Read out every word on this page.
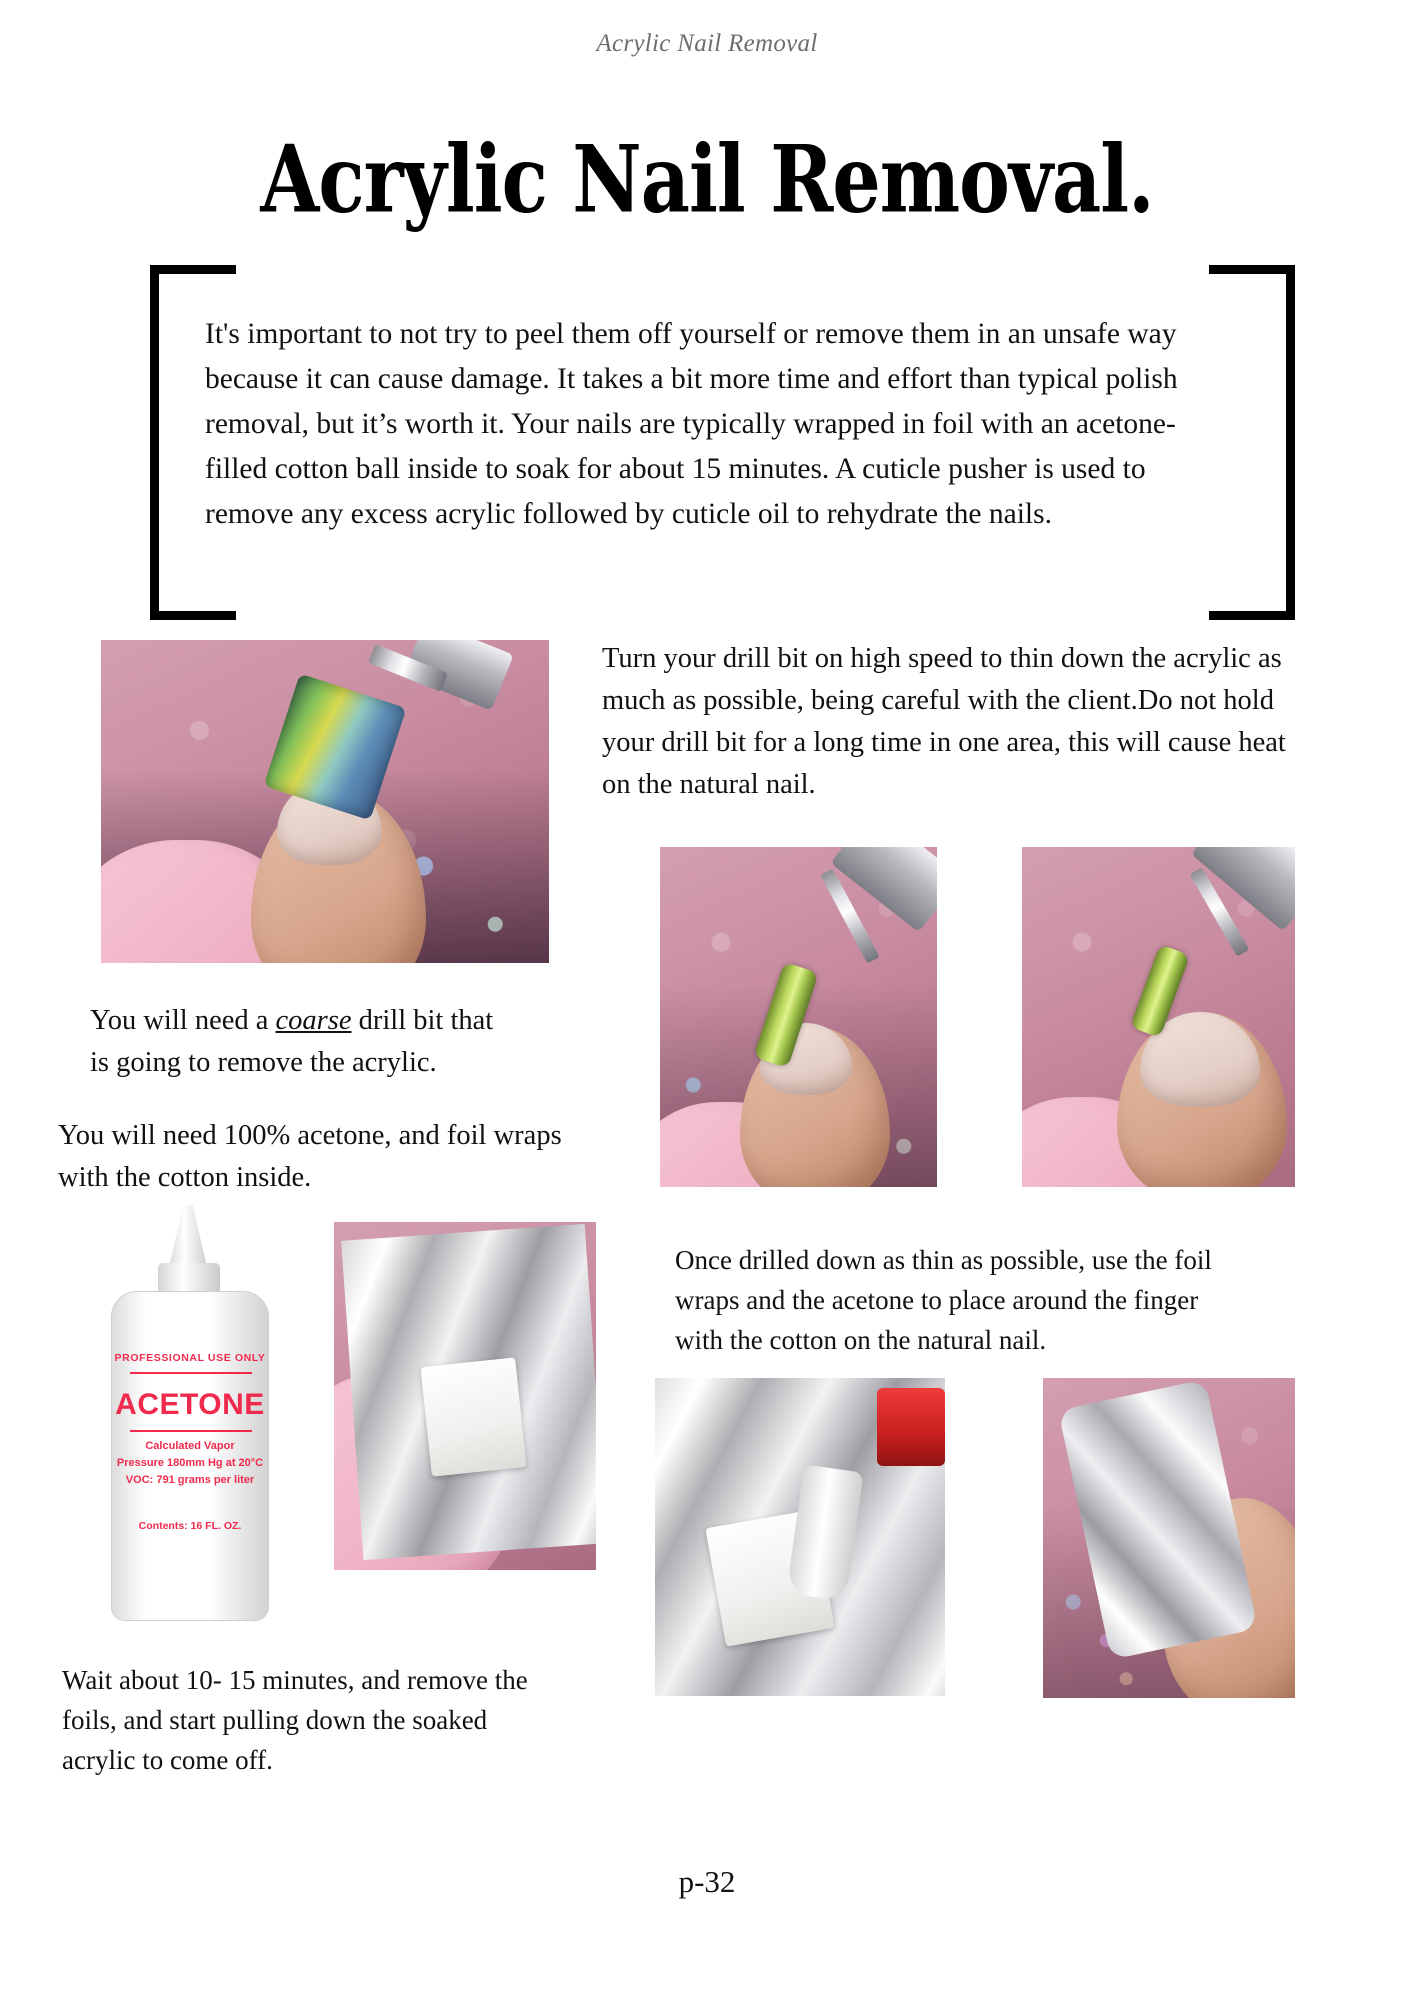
Acrylic Nail Removal
Acrylic Nail Removal.
It's important to not try to peel them off yourself or remove them in an unsafe way because it can cause damage. It takes a bit more time and effort than typical polish removal, but it’s worth it. Your nails are typically wrapped in foil with an acetone-filled cotton ball inside to soak for about 15 minutes. A cuticle pusher is used to remove any excess acrylic followed by cuticle oil to rehydrate the nails.
You will need a coarse drill bit that is going to remove the acrylic.
Turn your drill bit on high speed to thin down the acrylic as much as possible, being careful with the client.Do not hold your drill bit for a long time in one area, this will cause heat on the natural nail.
You will need 100% acetone, and foil wraps with the cotton inside.
PROFESSIONAL USE ONLY
ACETONE
Calculated Vapor
Pressure 180mm Hg at 20°C
VOC: 791 grams per liter
Contents: 16 FL. OZ.
Once drilled down as thin as possible, use the foil wraps and the acetone to place around the finger with the cotton on the natural nail.
Wait about 10- 15 minutes, and remove the foils, and start pulling down the soaked acrylic to come off.
p-32
